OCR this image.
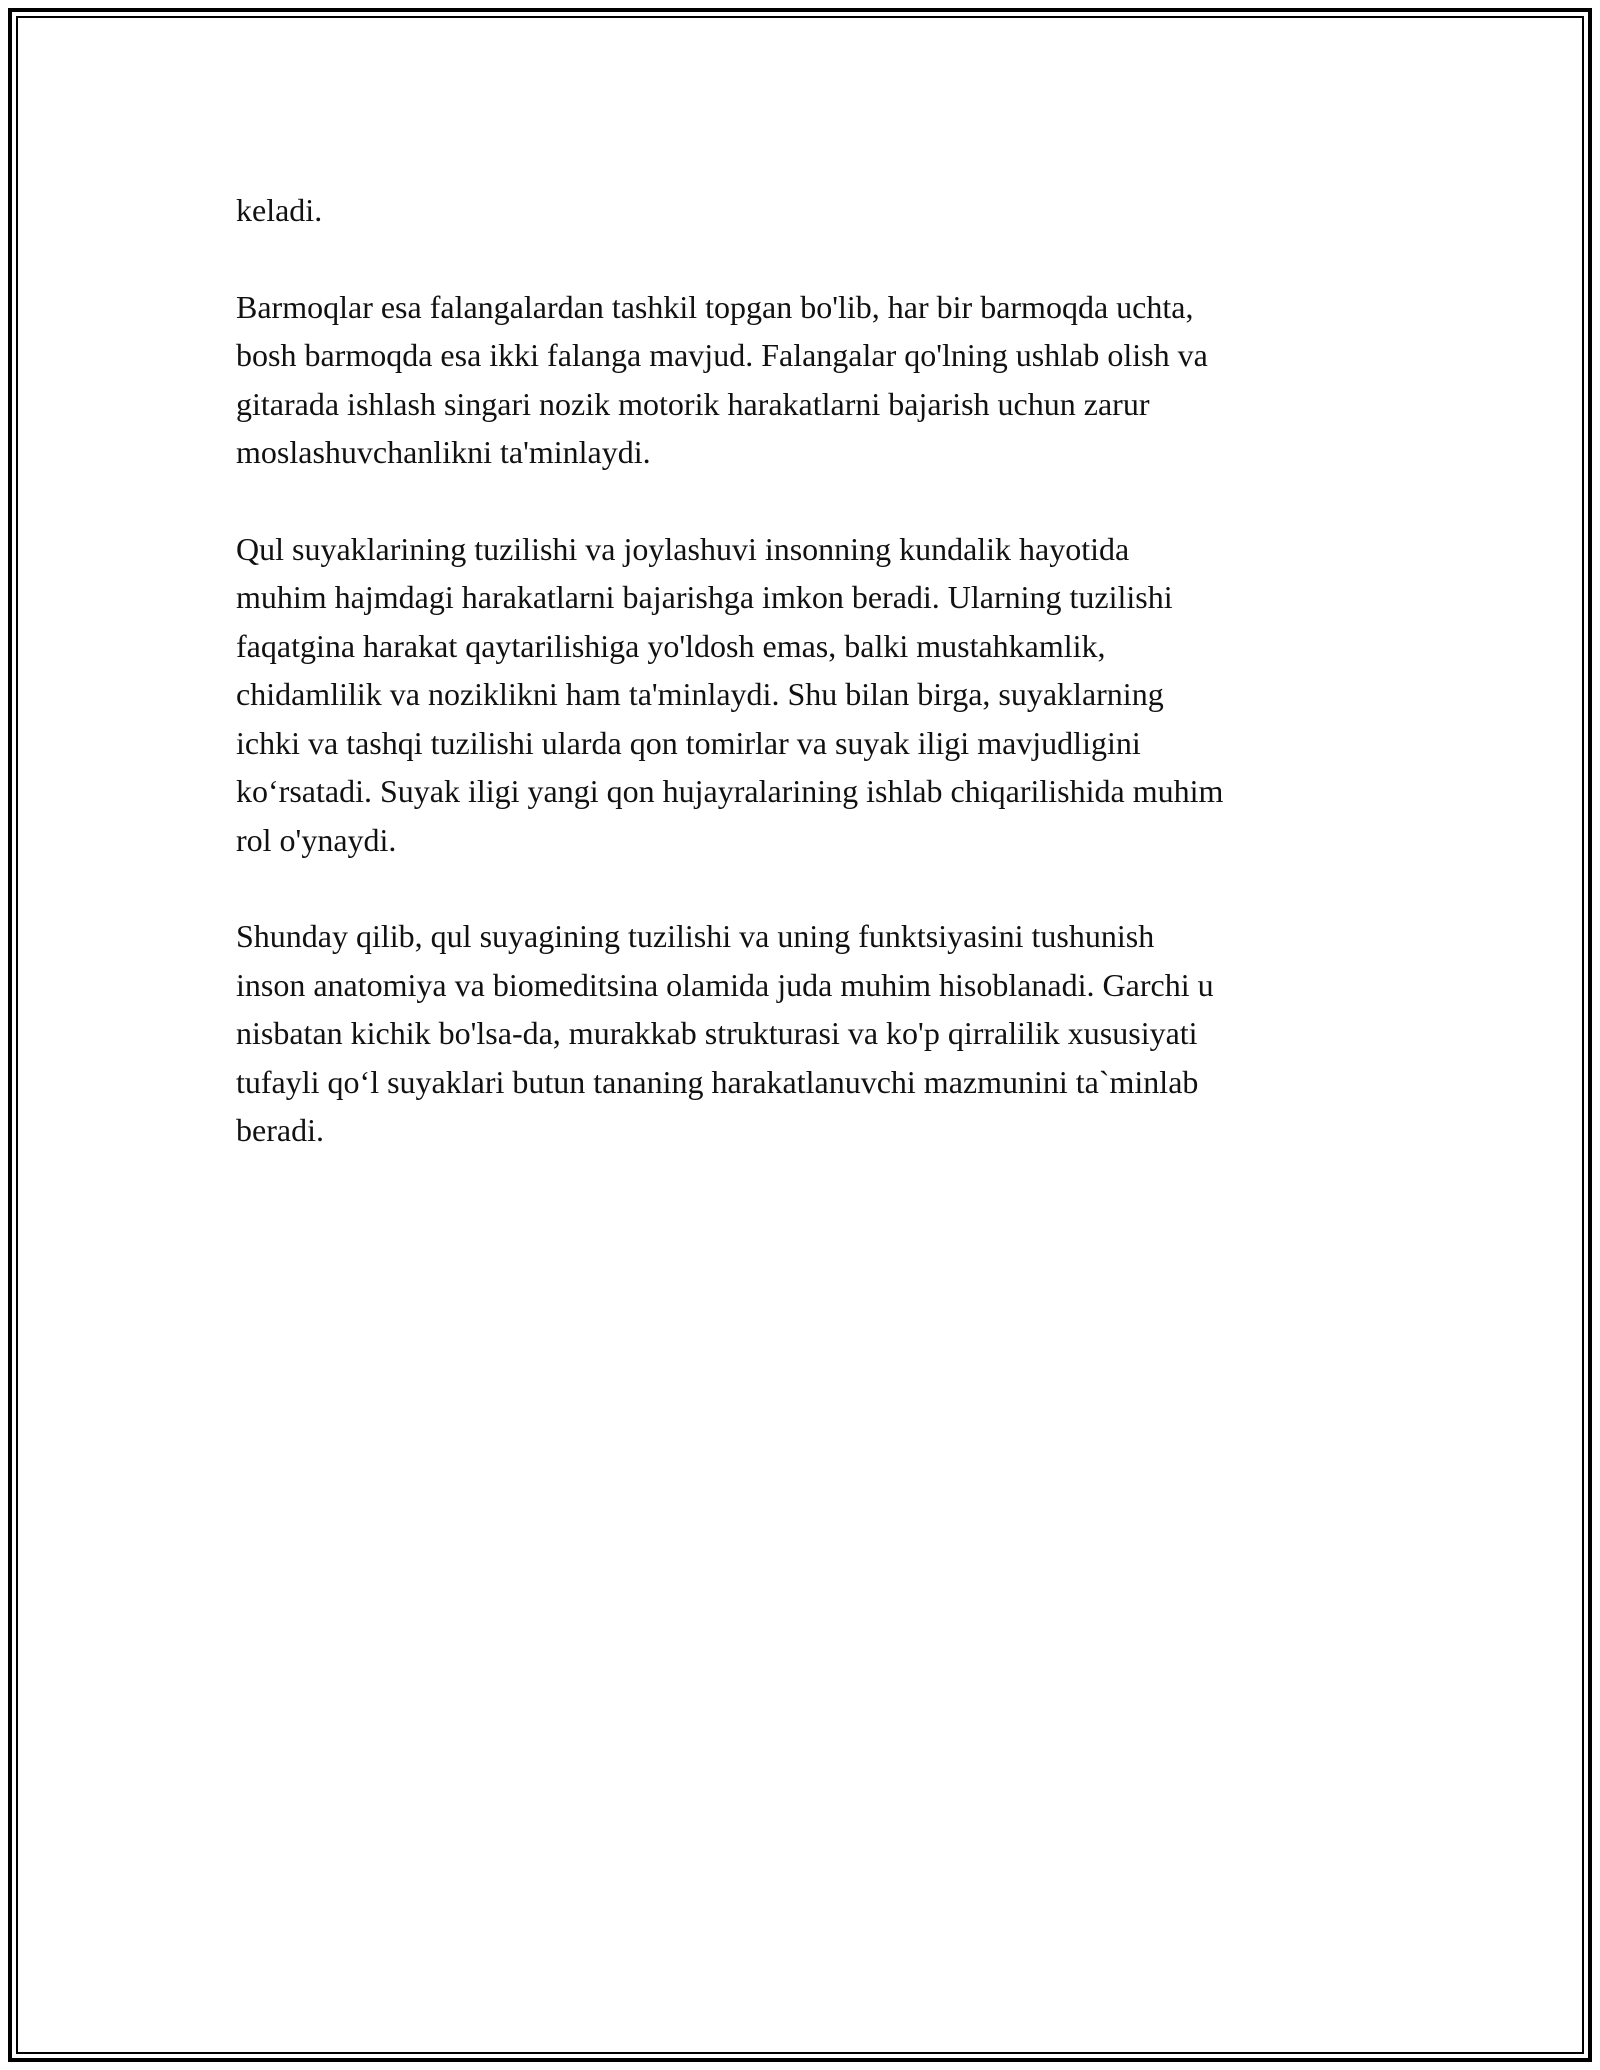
keladi.

Barmoqlar esa falangalardan tashkil topgan bo'lib, har bir barmoqda uchta,
bosh barmoqda esa ikki falanga mavjud. Falangalar qo'lning ushlab olish va
gitarada ishlash singari nozik motorik harakatlarni bajarish uchun zarur
moslashuvchanlikni ta'minlaydi.

Qul suyaklarining tuzilishi va joylashuvi insonning kundalik hayotida
muhim hajmdagi harakatlarni bajarishga imkon beradi. Ularning tuzilishi
faqatgina harakat qaytarilishiga yo'ldosh emas, balki mustahkamlik,
chidamlilik va noziklikni ham ta'minlaydi. Shu bilan birga, suyaklarning
ichki va tashqi tuzilishi ularda qon tomirlar va suyak iligi mavjudligini
ko‘rsatadi. Suyak iligi yangi qon hujayralarining ishlab chiqarilishida muhim
rol o'ynaydi.

Shunday qilib, qul suyagining tuzilishi va uning funktsiyasini tushunish
inson anatomiya va biomeditsina olamida juda muhim hisoblanadi. Garchi u
nisbatan kichik bo'lsa-da, murakkab strukturasi va ko'p qirralilik xususiyati
tufayli qo‘l suyaklari butun tananing harakatlanuvchi mazmunini ta`minlab
beradi.
